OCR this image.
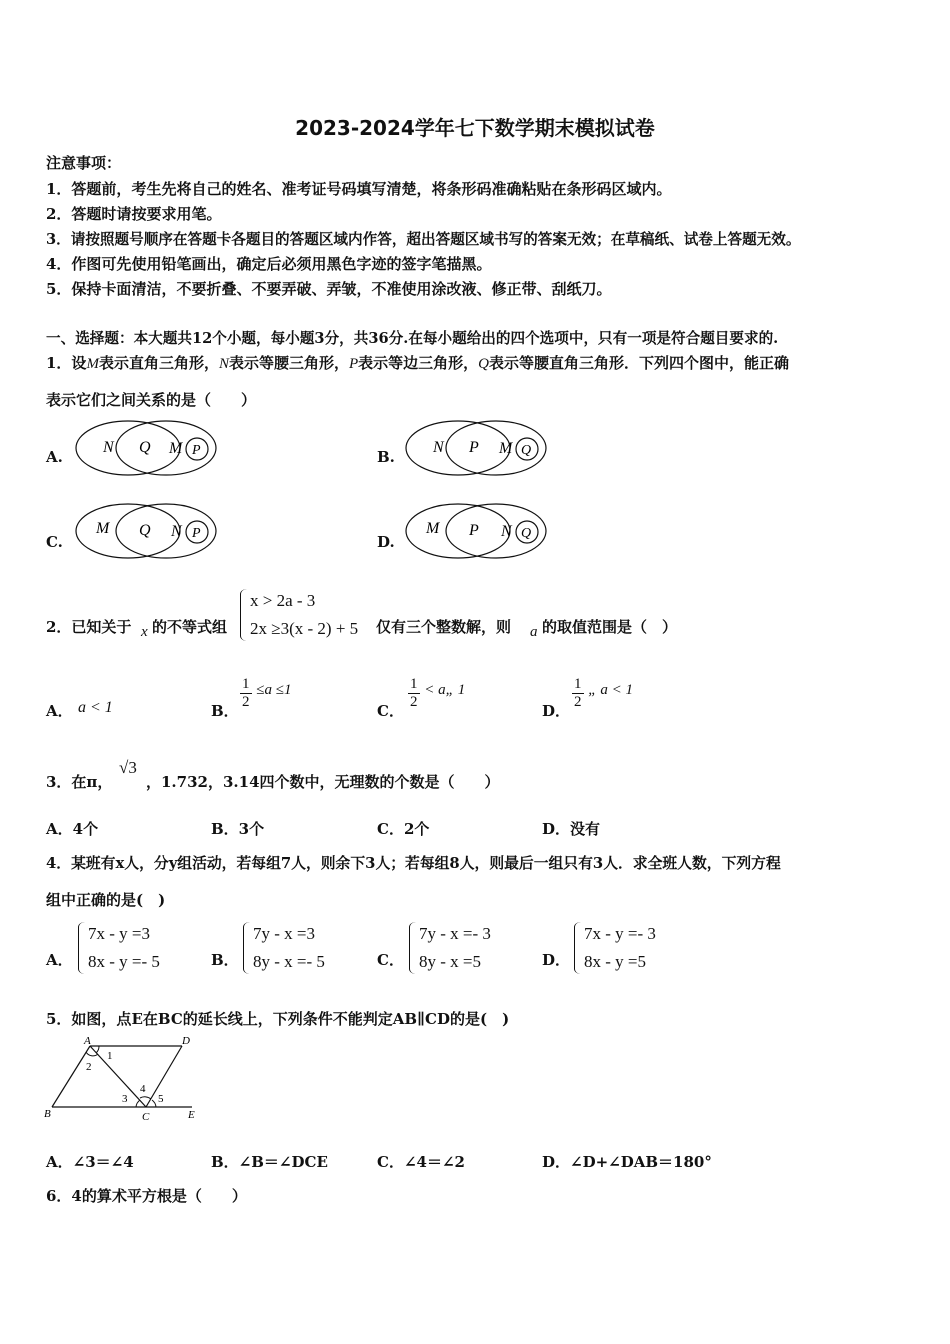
2023-2024学年七下数学期末模拟试卷
注意事项：
1．答题前，考生先将自己的姓名、准考证号码填写清楚，将条形码准确粘贴在条形码区域内。
2．答题时请按要求用笔。
3．请按照题号顺序在答题卡各题目的答题区域内作答，超出答题区域书写的答案无效；在草稿纸、试卷上答题无效。
4．作图可先使用铅笔画出，确定后必须用黑色字迹的签字笔描黑。
5．保持卡面清洁，不要折叠、不要弄破、弄皱，不准使用涂改液、修正带、刮纸刀。
一、选择题：本大题共12个小题，每小题3分，共36分.在每小题给出的四个选项中，只有一项是符合题目要求的.
1．设M表示直角三角形，N表示等腰三角形，P表示等边三角形，Q表示等腰直角三角形．下列四个图中，能正确
表示它们之间关系的是（　　）
A.
N Q M P	B.
N P M Q
C.
M Q N P	D.
M P N Q
2．已知关于 x 的不等式组
x > 2a - 3
2x ≥3(x - 2) + 5 仅有三个整数解，则 a 的取值范围是（　）
A． a < 1	B． $\frac{1}{2} \le a \le 1$
C． $\frac{1}{2}$ < a„ 1
D． $\frac{1}{2}$ „ a < 1
3．在π，
√3
，1.732，3.14四个数中，无理数的个数是（　　）
A．4个	B．3个	C．2个	D．没有
4．某班有x人，分y组活动，若每组7人，则余下3人；若每组8人，则最后一组只有3人．求全班人数，下列方程
组中正确的是(　)
A．
7x - y =3
8x - y =- 5	B．
7y - x =3
8y - x =- 5	C．
7y - x =- 3
8y - x =5	D．
7x - y =- 3
8x - y =5
5．如图，点E在BC的延长线上，下列条件不能判定AB∥CD的是(　)
A	D
B	C	E
1
2
3
4
5
A．∠3＝∠4	B．∠B＝∠DCE	C．∠4＝∠2	D．∠D+∠DAB＝180°
6．4的算术平方根是（　　）
